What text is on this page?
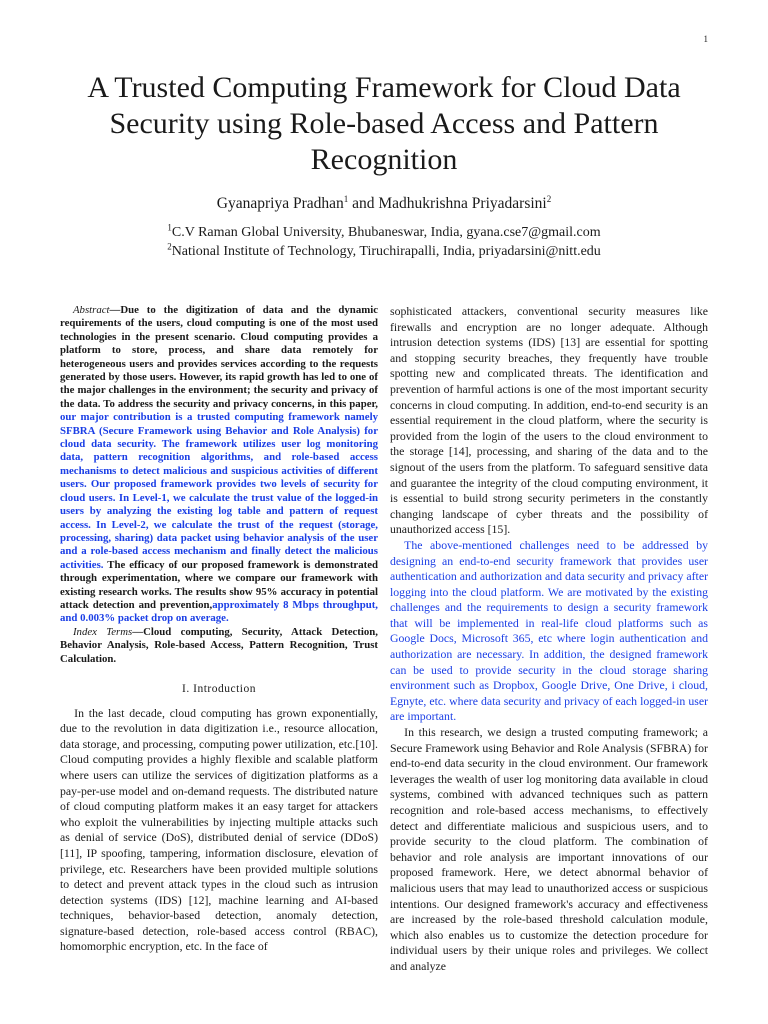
1
A Trusted Computing Framework for Cloud Data Security using Role-based Access and Pattern Recognition

Gyanapriya Pradhan$^1$ and Madhukrishna Priyadarsini$^2$

$^1$C.V Raman Global University, Bhubaneswar, India, gyana.cse7@gmail.com

$^2$National Institute of Technology, Tiruchirapalli, India, priyadarsini@nitt.edu

Abstract—Due to the digitization of data and the dynamic requirements of the users, cloud computing is one of the most used technologies in the present scenario. Cloud computing provides a platform to store, process, and share data remotely for heterogeneous users and provides services according to the requests generated by those users. However, its rapid growth has led to one of the major challenges in the environment; the security and privacy of the data. To address the security and privacy concerns, in this paper, our major contribution is a trusted computing framework namely SFBRA (Secure Framework using Behavior and Role Analysis) for cloud data security. The framework utilizes user log monitoring data, pattern recognition algorithms, and role-based access mechanisms to detect malicious and suspicious activities of different users. Our proposed framework provides two levels of security for cloud users. In Level-1, we calculate the trust value of the logged-in users by analyzing the existing log table and pattern of request access. In Level-2, we calculate the trust of the request (storage, processing, sharing) data packet using behavior analysis of the user and a role-based access mechanism and finally detect the malicious activities. The efficacy of our proposed framework is demonstrated through experimentation, where we compare our framework with existing research works. The results show 95% accuracy in potential attack detection and prevention,approximately 8 Mbps throughput, and 0.003% packet drop on average.

Index Terms—Cloud computing, Security, Attack Detection, Behavior Analysis, Role-based Access, Pattern Recognition, Trust Calculation.

I. Introduction

In the last decade, cloud computing has grown exponentially, due to the revolution in data digitization i.e., resource allocation, data storage, and processing, computing power utilization, etc.[10]. Cloud computing provides a highly flexible and scalable platform where users can utilize the services of digitization platforms as a pay-per-use model and on-demand requests. The distributed nature of cloud computing platform makes it an easy target for attackers who exploit the vulnerabilities by injecting multiple attacks such as denial of service (DoS), distributed denial of service (DDoS) [11], IP spoofing, tampering, information disclosure, elevation of privilege, etc. Researchers have been provided multiple solutions to detect and prevent attack types in the cloud such as intrusion detection systems (IDS) [12], machine learning and AI-based techniques, behavior-based detection, anomaly detection, signature-based detection, role-based access control (RBAC), homomorphic encryption, etc. In the face of

sophisticated attackers, conventional security measures like firewalls and encryption are no longer adequate. Although intrusion detection systems (IDS) [13] are essential for spotting and stopping security breaches, they frequently have trouble spotting new and complicated threats. The identification and prevention of harmful actions is one of the most important security concerns in cloud computing. In addition, end-to-end security is an essential requirement in the cloud platform, where the security is provided from the login of the users to the cloud environment to the storage [14], processing, and sharing of the data and to the signout of the users from the platform. To safeguard sensitive data and guarantee the integrity of the cloud computing environment, it is essential to build strong security perimeters in the constantly changing landscape of cyber threats and the possibility of unauthorized access [15].

The above-mentioned challenges need to be addressed by designing an end-to-end security framework that provides user authentication and authorization and data security and privacy after logging into the cloud platform. We are motivated by the existing challenges and the requirements to design a security framework that will be implemented in real-life cloud platforms such as Google Docs, Microsoft 365, etc where login authentication and authorization are necessary. In addition, the designed framework can be used to provide security in the cloud storage sharing environment such as Dropbox, Google Drive, One Drive, i cloud, Egnyte, etc. where data security and privacy of each logged-in user are important.

In this research, we design a trusted computing framework; a Secure Framework using Behavior and Role Analysis (SFBRA) for end-to-end data security in the cloud environment. Our framework leverages the wealth of user log monitoring data available in cloud systems, combined with advanced techniques such as pattern recognition and role-based access mechanisms, to effectively detect and differentiate malicious and suspicious users, and to provide security to the cloud platform. The combination of behavior and role analysis are important innovations of our proposed framework. Here, we detect abnormal behavior of malicious users that may lead to unauthorized access or suspicious intentions. Our designed framework's accuracy and effectiveness are increased by the role-based threshold calculation module, which also enables us to customize the detection procedure for individual users by their unique roles and privileges. We collect and analyze
